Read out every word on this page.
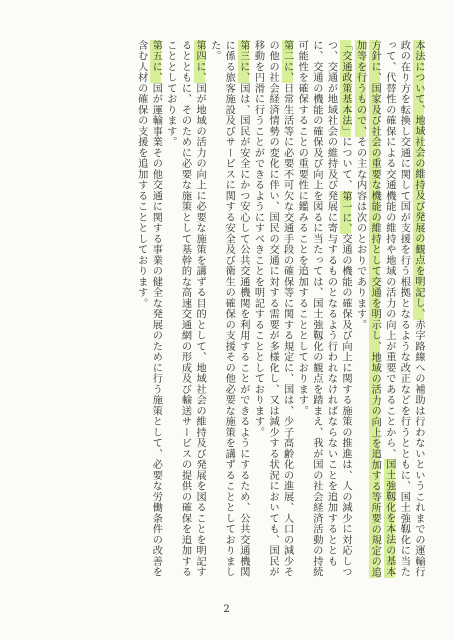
本法について、地域社会の維持及び発展の観点を明記し、赤字路線への補助は行わないというこれまでの運輸行政の在り方を転換し交通に関して国が支援を行う根拠となるような改正などを行うとともに、国土強靱化に当たって、代替性の確保による交通機能の維持や地域の活力の向上が重要であることから、国土強靱化を本法の基本方針に、国家及び社会の重要な機能の維持として交通を明示し、地域の活力の向上を追加する等所要の規定の追加等を行うもので、その主な内容は次のとおりであります。

「交通政策基本法」について、第一に、交通の機能の確保及び向上に関する施策の推進は、人の減少に対応しつつ、交通が地域社会の維持及び発展に寄与するものとなるよう行われなければならないことを追加するとともに、交通の機能の確保及び向上を図るに当たっては、国土強靱化の観点を踏まえ、我が国の社会経済活動の持続可能性を確保することの重要性に鑑みることを追加することとしております。

第二に、日常生活等に必要不可欠な交通手段の確保等に関する規定に、国は、少子高齢化の進展、人口の減少その他の社会経済情勢の変化に伴い、国民の交通に対する需要が多様化し、又は減少する状況においても、国民が移動を円滑に行うことができるようにすべきことを明記することとしております。

第三に、国は、国民が安全にかつ安心して公共交通機関を利用することができるようにするため、公共交通機関に係る旅客施設及びサービスに関する安全及び衛生の確保の支援その他必要な施策を講ずることとしておりました。

第四に、国が地域の活力の向上に必要な施策を講ずる目的として、地域社会の維持及び発展を図ることを明記するとともに、そのために必要な施策として基幹的な高速交通網の形成及び輸送サービスの提供の確保を追加することとしております。

第五に、国が運輸事業その他交通に関する事業の健全な発展のために行う施策として、必要な労働条件の改善を含む人材の確保の支援を追加することとしております。

2
